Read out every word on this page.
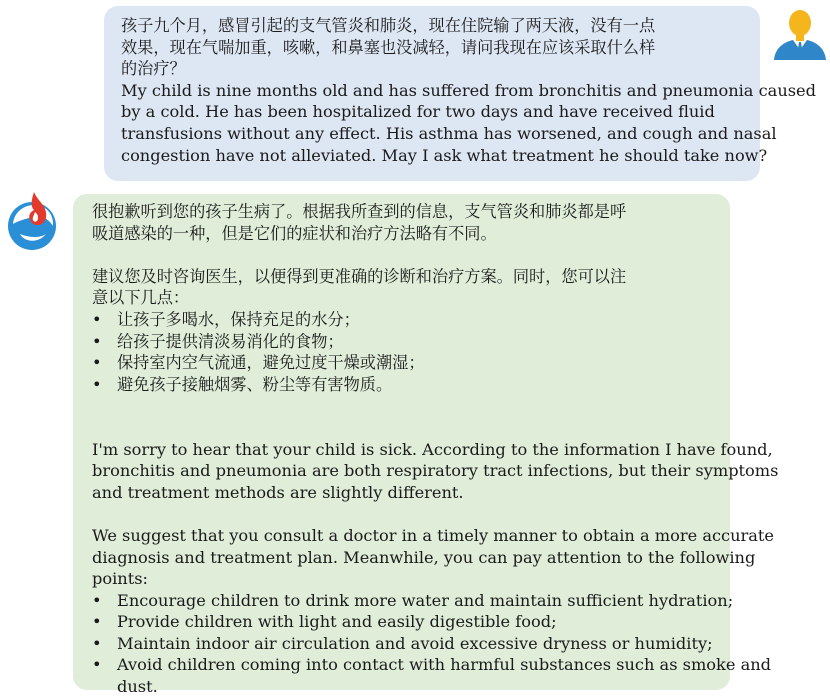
孩子九个月，感冒引起的支气管炎和肺炎，现在住院输了两天液，没有一点
效果，现在气喘加重，咳嗽，和鼻塞也没减轻，请问我现在应该采取什么样
的治疗？
My child is nine months old and has suffered from bronchitis and pneumonia caused
by a cold. He has been hospitalized for two days and have received fluid
transfusions without any effect. His asthma has worsened, and cough and nasal
congestion have not alleviated. May I ask what treatment he should take now?
很抱歉听到您的孩子生病了。根据我所查到的信息，支气管炎和肺炎都是呼
吸道感染的一种，但是它们的症状和治疗方法略有不同。
建议您及时咨询医生，以便得到更准确的诊断和治疗方案。同时，您可以注
意以下几点：
• 让孩子多喝水，保持充足的水分；
• 给孩子提供清淡易消化的食物；
• 保持室内空气流通，避免过度干燥或潮湿；
• 避免孩子接触烟雾、粉尘等有害物质。
I'm sorry to hear that your child is sick. According to the information I have found,
bronchitis and pneumonia are both respiratory tract infections, but their symptoms
and treatment methods are slightly different.
We suggest that you consult a doctor in a timely manner to obtain a more accurate
diagnosis and treatment plan. Meanwhile, you can pay attention to the following
points:
• Encourage children to drink more water and maintain sufficient hydration;
• Provide children with light and easily digestible food;
• Maintain indoor air circulation and avoid excessive dryness or humidity;
• Avoid children coming into contact with harmful substances such as smoke and
dust.
